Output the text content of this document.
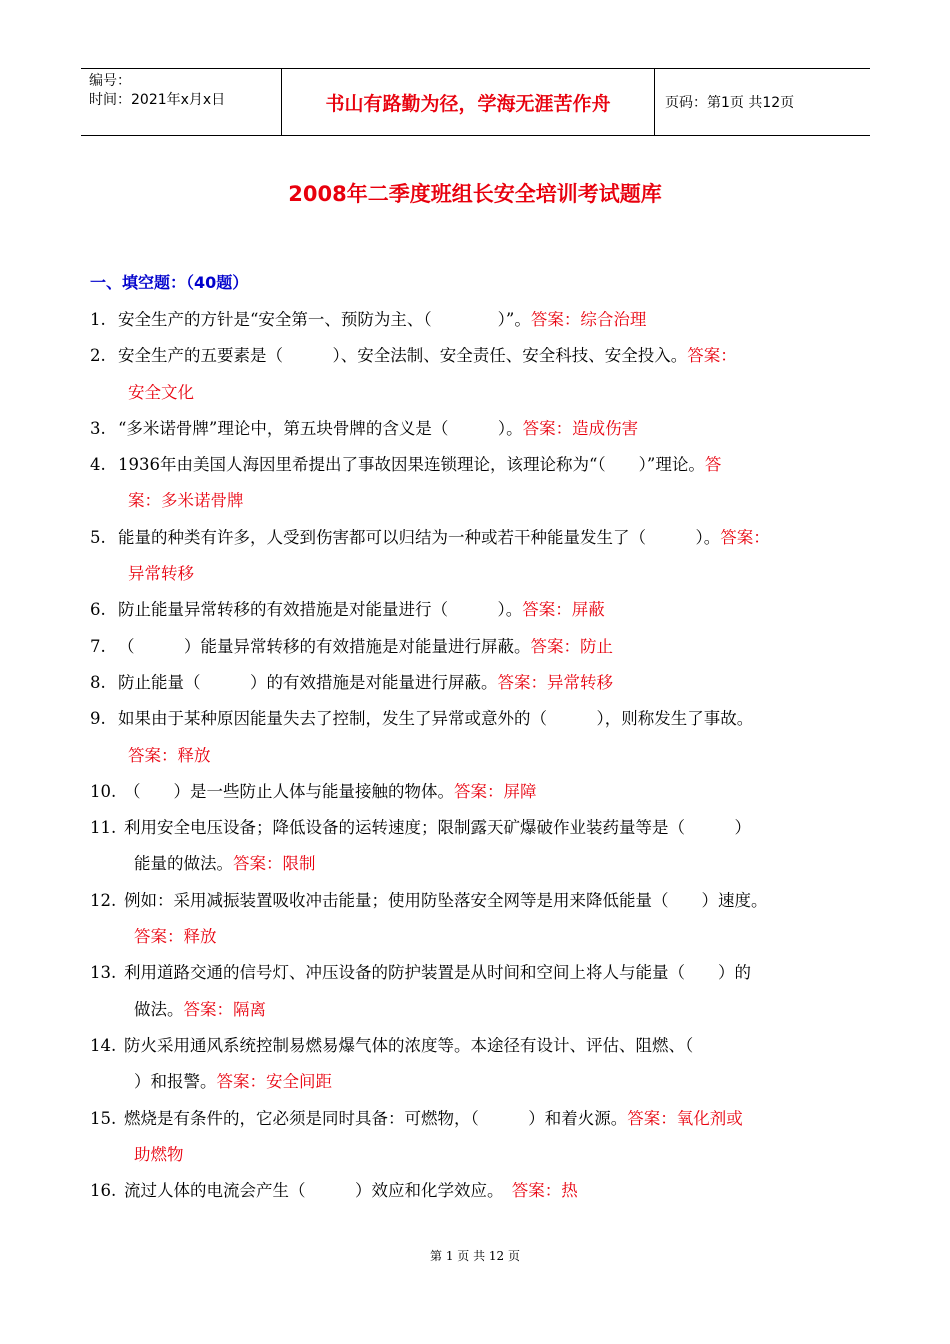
编号：
时间：2021年x月x日	书山有路勤为径，学海无涯苦作舟	页码：第1页 共12页
2008年二季度班组长安全培训考试题库
一、填空题：（40题）
1. 安全生产的方针是“安全第一、预防为主、（　　　　）”。答案：综合治理
2. 安全生产的五要素是（　　　）、安全法制、安全责任、安全科技、安全投入。答案：
安全文化
3. “多米诺骨牌”理论中，第五块骨牌的含义是（　　　）。答案：造成伤害
4. 1936年由美国人海因里希提出了事故因果连锁理论，该理论称为“（　　）”理论。答
案：多米诺骨牌
5. 能量的种类有许多，人受到伤害都可以归结为一种或若干种能量发生了（　　　）。答案：
异常转移
6. 防止能量异常转移的有效措施是对能量进行（　　　）。答案：屏蔽
7. （　　　）能量异常转移的有效措施是对能量进行屏蔽。答案：防止
8. 防止能量（　　　）的有效措施是对能量进行屏蔽。答案：异常转移
9. 如果由于某种原因能量失去了控制，发生了异常或意外的（　　　），则称发生了事故。
答案：释放
10. （　　）是一些防止人体与能量接触的物体。答案：屏障
11. 利用安全电压设备；降低设备的运转速度；限制露天矿爆破作业装药量等是（　　　）
能量的做法。答案：限制
12. 例如：采用减振装置吸收冲击能量；使用防坠落安全网等是用来降低能量（　　）速度。
答案：释放
13. 利用道路交通的信号灯、冲压设备的防护装置是从时间和空间上将人与能量（　　）的
做法。答案：隔离
14. 防火采用通风系统控制易燃易爆气体的浓度等。本途径有设计、评估、阻燃、（
）和报警。答案：安全间距
15. 燃烧是有条件的，它必须是同时具备：可燃物，（　　　）和着火源。答案：氧化剂或
助燃物
16. 流过人体的电流会产生（　　　）效应和化学效应。　答案：热
第 1 页 共 12 页
